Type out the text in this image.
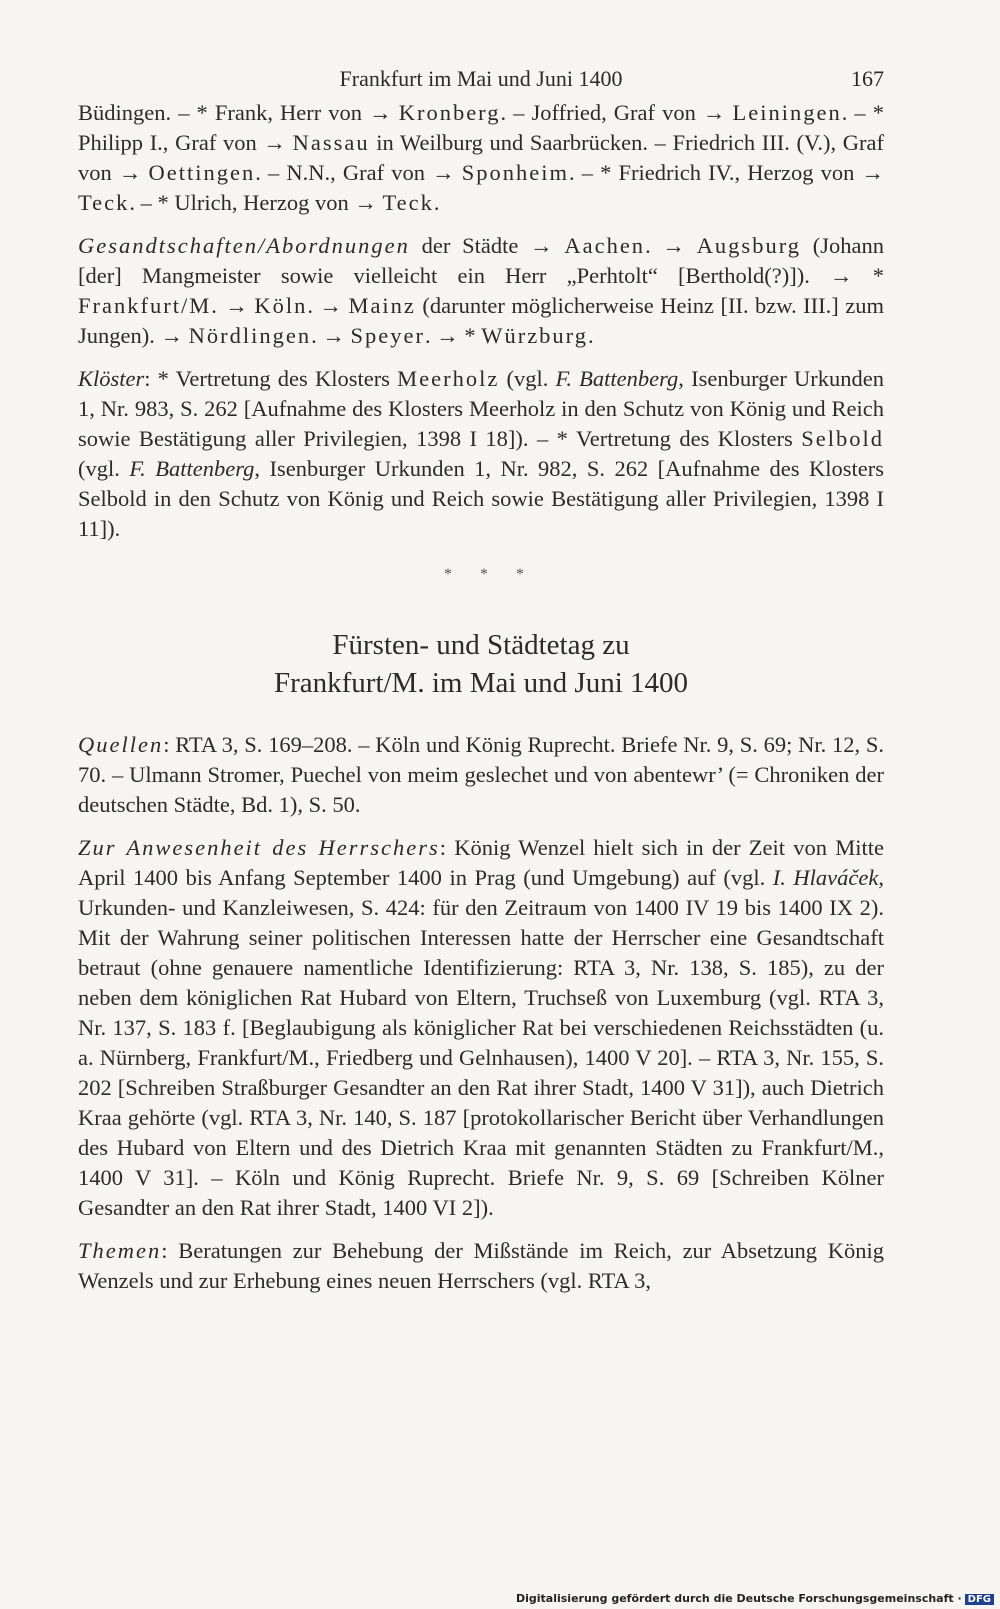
Frankfurt im Mai und Juni 1400	167

Büdingen. – * Frank, Herr von → Kronberg. – Joffried, Graf von → Leiningen. – * Philipp I., Graf von → Nassau in Weilburg und Saarbrücken. – Friedrich III. (V.), Graf von → Oettingen. – N.N., Graf von → Sponheim. – * Friedrich IV., Herzog von → Teck. – * Ulrich, Herzog von → Teck.

Gesandtschaften/Abordnungen der Städte → Aachen. → Augsburg (Johann [der] Mangmeister sowie vielleicht ein Herr „Perhtolt“ [Berthold(?)]). → * Frankfurt/M. → Köln. → Mainz (darunter möglicherweise Heinz [II. bzw. III.] zum Jungen). → Nördlingen. → Speyer. → * Würzburg.

Klöster: * Vertretung des Klosters Meerholz (vgl. F. Battenberg, Isenburger Urkunden 1, Nr. 983, S. 262 [Aufnahme des Klosters Meerholz in den Schutz von König und Reich sowie Bestätigung aller Privilegien, 1398 I 18]). – * Vertretung des Klosters Selbold (vgl. F. Battenberg, Isenburger Urkunden 1, Nr. 982, S. 262 [Aufnahme des Klosters Selbold in den Schutz von König und Reich sowie Bestätigung aller Privilegien, 1398 I 11]).

* * *
Fürsten- und Städtetag zu
Frankfurt/M. im Mai und Juni 1400

Quellen: RTA 3, S. 169–208. – Köln und König Ruprecht. Briefe Nr. 9, S. 69; Nr. 12, S. 70. – Ulmann Stromer, Puechel von meim geslechet und von abentewr’ (= Chroniken der deutschen Städte, Bd. 1), S. 50.

Zur Anwesenheit des Herrschers: König Wenzel hielt sich in der Zeit von Mitte April 1400 bis Anfang September 1400 in Prag (und Umgebung) auf (vgl. I. Hlaváček, Urkunden- und Kanzleiwesen, S. 424: für den Zeitraum von 1400 IV 19 bis 1400 IX 2). Mit der Wahrung seiner politischen Interessen hatte der Herrscher eine Gesandtschaft betraut (ohne genauere namentliche Identifizierung: RTA 3, Nr. 138, S. 185), zu der neben dem königlichen Rat Hubard von Eltern, Truchseß von Luxemburg (vgl. RTA 3, Nr. 137, S. 183 f. [Beglaubigung als königlicher Rat bei verschiedenen Reichsstädten (u. a. Nürnberg, Frankfurt/M., Friedberg und Gelnhausen), 1400 V 20]. – RTA 3, Nr. 155, S. 202 [Schreiben Straßburger Gesandter an den Rat ihrer Stadt, 1400 V 31]), auch Dietrich Kraa gehörte (vgl. RTA 3, Nr. 140, S. 187 [protokollarischer Bericht über Verhandlungen des Hubard von Eltern und des Dietrich Kraa mit genannten Städten zu Frankfurt/M., 1400 V 31]. – Köln und König Ruprecht. Briefe Nr. 9, S. 69 [Schreiben Kölner Gesandter an den Rat ihrer Stadt, 1400 VI 2]).

Themen: Beratungen zur Behebung der Mißstände im Reich, zur Absetzung König Wenzels und zur Erhebung eines neuen Herrschers (vgl. RTA 3,

Digitalisierung gefördert durch die Deutsche Forschungsgemeinschaft · DFG
